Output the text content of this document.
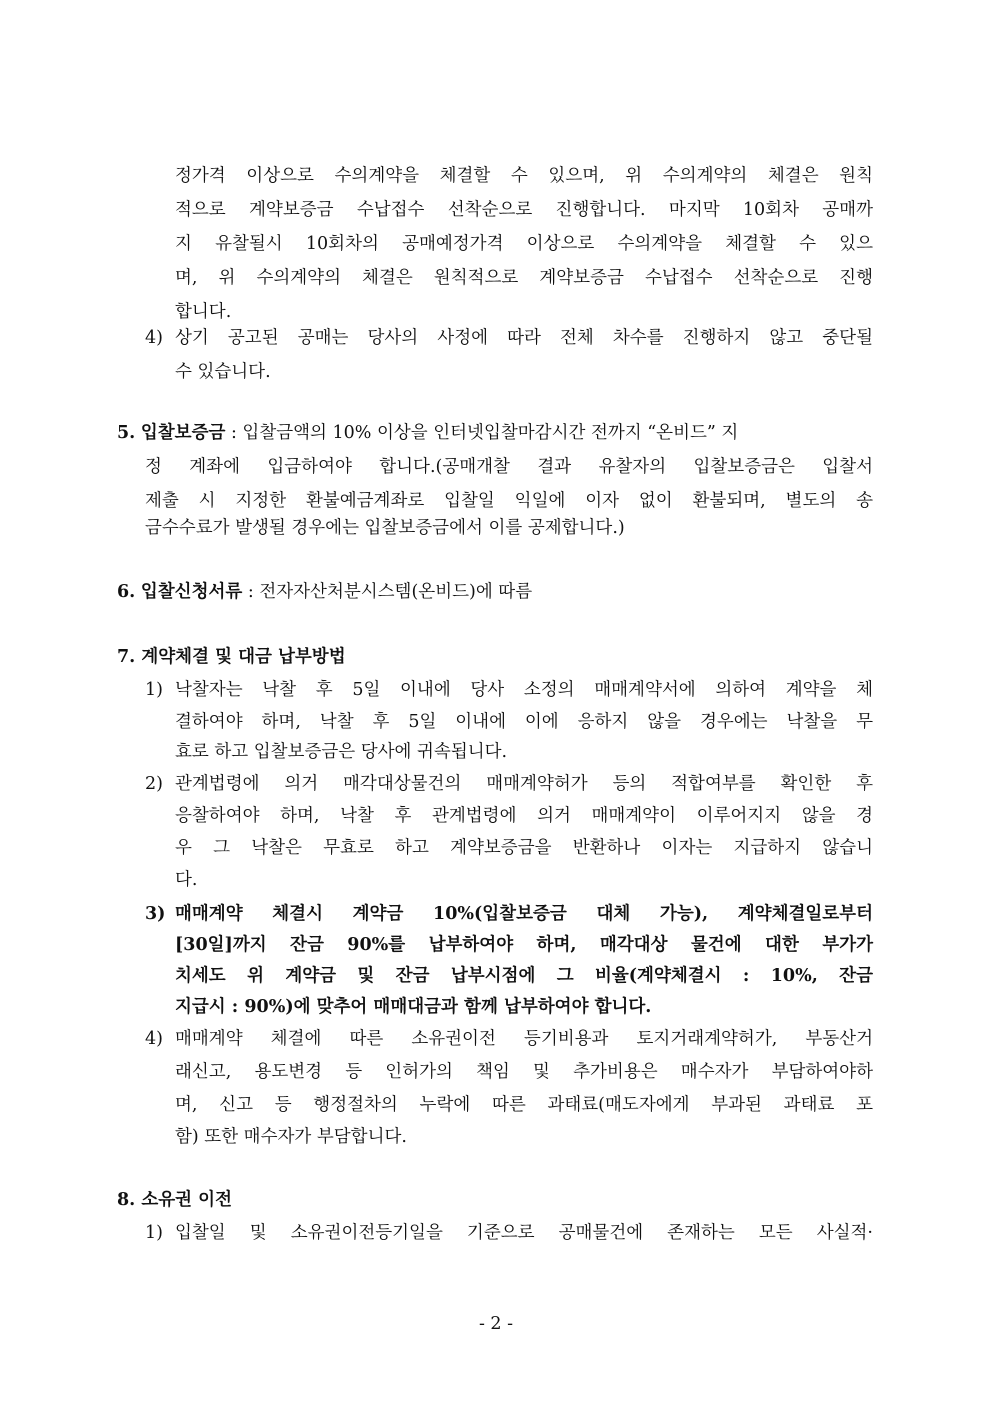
정가격 이상으로 수의계약을 체결할 수 있으며, 위 수의계약의 체결은 원칙
적으로 계약보증금 수납접수 선착순으로 진행합니다. 마지막 10회차 공매까
지 유찰될시 10회차의 공매예정가격 이상으로 수의계약을 체결할 수 있으
며, 위 수의계약의 체결은 원칙적으로 계약보증금 수납접수 선착순으로 진행
합니다.
4) 상기 공고된 공매는 당사의 사정에 따라 전체 차수를 진행하지 않고 중단될
수 있습니다.
5. 입찰보증금 : 입찰금액의 10% 이상을 인터넷입찰마감시간 전까지 “온비드” 지
정 계좌에 입금하여야 합니다.(공매개찰 결과 유찰자의 입찰보증금은 입찰서
제출 시 지정한 환불예금계좌로 입찰일 익일에 이자 없이 환불되며, 별도의 송
금수수료가 발생될 경우에는 입찰보증금에서 이를 공제합니다.)
6. 입찰신청서류 : 전자자산처분시스템(온비드)에 따름
7. 계약체결 및 대금 납부방법
1) 낙찰자는 낙찰 후 5일 이내에 당사 소정의 매매계약서에 의하여 계약을 체
결하여야 하며, 낙찰 후 5일 이내에 이에 응하지 않을 경우에는 낙찰을 무
효로 하고 입찰보증금은 당사에 귀속됩니다.
2) 관계법령에 의거 매각대상물건의 매매계약허가 등의 적합여부를 확인한 후
응찰하여야 하며, 낙찰 후 관계법령에 의거 매매계약이 이루어지지 않을 경
우 그 낙찰은 무효로 하고 계약보증금을 반환하나 이자는 지급하지 않습니
다.
3) 매매계약 체결시 계약금 10%(입찰보증금 대체 가능), 계약체결일로부터
[30일]까지 잔금 90%를 납부하여야 하며, 매각대상 물건에 대한 부가가
치세도 위 계약금 및 잔금 납부시점에 그 비율(계약체결시 : 10%, 잔금
지급시 : 90%)에 맞추어 매매대금과 함께 납부하여야 합니다.
4) 매매계약 체결에 따른 소유권이전 등기비용과 토지거래계약허가, 부동산거
래신고, 용도변경 등 인허가의 책임 및 추가비용은 매수자가 부담하여야하
며, 신고 등 행정절차의 누락에 따른 과태료(매도자에게 부과된 과태료 포
함) 또한 매수자가 부담합니다.
8. 소유권 이전
1) 입찰일 및 소유권이전등기일을 기준으로 공매물건에 존재하는 모든 사실적·
- 2 -
